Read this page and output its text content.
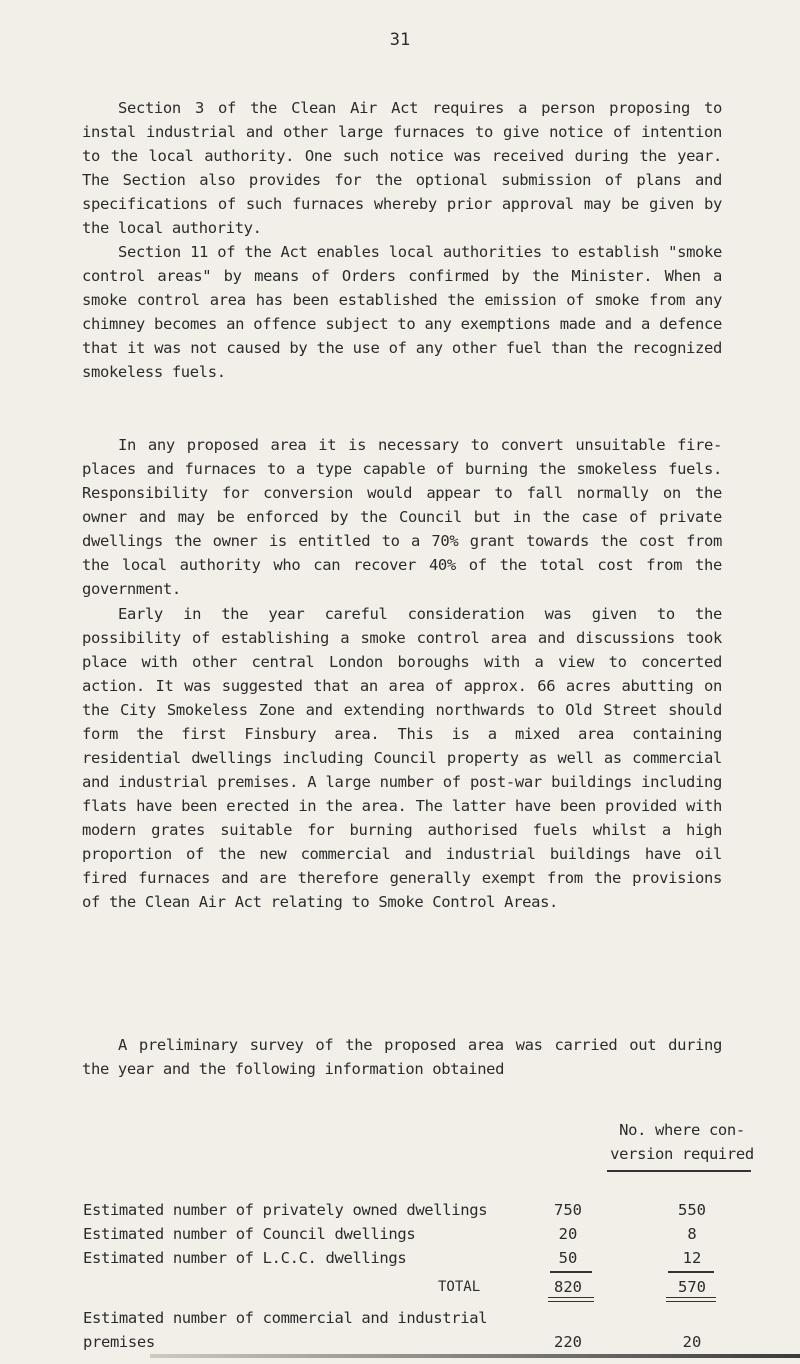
31

Section 3 of the Clean Air Act requires a person proposing to instal industrial and other large furnaces to give notice of intention to the local authority. One such notice was received during the year. The Section also provides for the optional submission of plans and specifications of such furnaces whereby prior approval may be given by the local authority.

Section 11 of the Act enables local authorities to establish "smoke control areas" by means of Orders confirmed by the Minister. When a smoke control area has been established the emission of smoke from any chimney becomes an offence subject to any exemptions made and a defence that it was not caused by the use of any other fuel than the recognized smokeless fuels.

In any proposed area it is necessary to convert unsuitable fire-places and furnaces to a type capable of burning the smokeless fuels. Responsibility for conversion would appear to fall normally on the owner and may be enforced by the Council but in the case of private dwellings the owner is entitled to a 70% grant towards the cost from the local authority who can recover 40% of the total cost from the government.

Early in the year careful consideration was given to the possibility of establishing a smoke control area and discussions took place with other central London boroughs with a view to concerted action. It was suggested that an area of approx. 66 acres abutting on the City Smokeless Zone and extending northwards to Old Street should form the first Finsbury area. This is a mixed area containing residential dwellings including Council property as well as commercial and industrial premises. A large number of post-war buildings including flats have been erected in the area. The latter have been provided with modern grates suitable for burning authorised fuels whilst a high proportion of the new commercial and industrial buildings have oil fired furnaces and are therefore generally exempt from the provisions of the Clean Air Act relating to Smoke Control Areas.

A preliminary survey of the proposed area was carried out during the year and the following information obtained

No. where con-
version required
Estimated number of privately owned dwellings	750	550
Estimated number of Council dwellings	20	8
Estimated number of L.C.C. dwellings	50	12
TOTAL	820	570
Estimated number of commercial and industrial
premises	220	20
